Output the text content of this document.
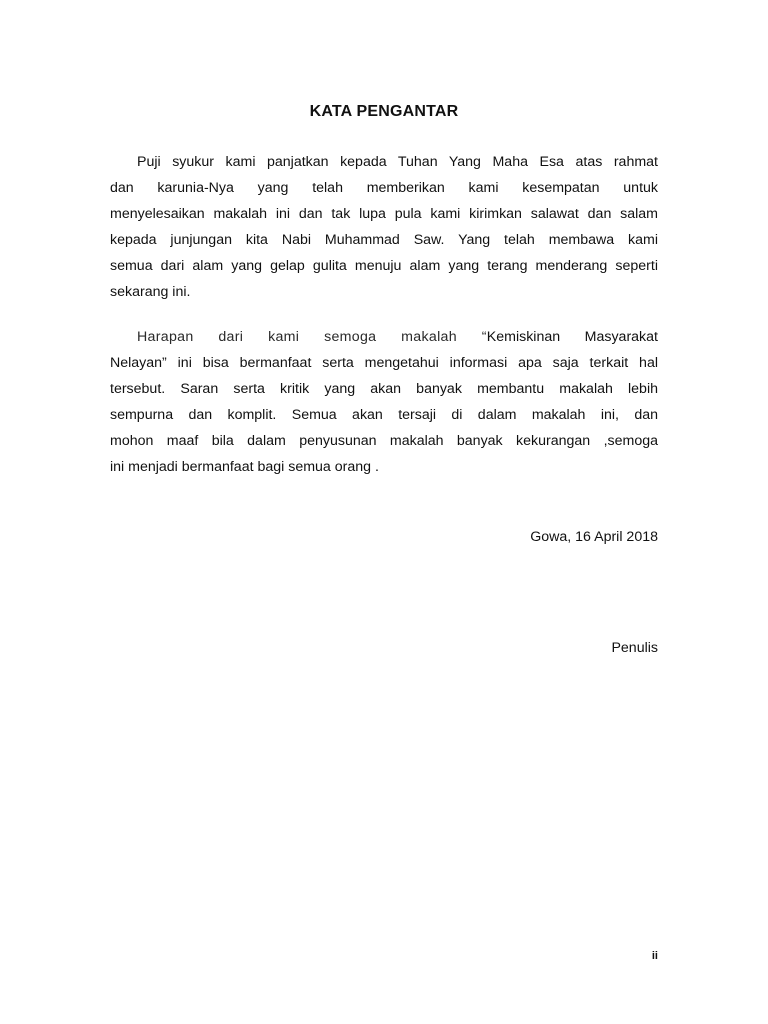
KATA PENGANTAR
Puji syukur kami panjatkan kepada Tuhan Yang Maha Esa atas rahmat
dan karunia-Nya yang telah memberikan kami kesempatan untuk
menyelesaikan makalah ini dan tak lupa pula kami kirimkan salawat dan salam
kepada junjungan kita Nabi Muhammad Saw. Yang telah membawa kami
semua dari alam yang gelap gulita menuju alam yang terang menderang seperti
sekarang ini.
Harapan dari kami semoga makalah “Kemiskinan Masyarakat
Nelayan” ini bisa bermanfaat serta mengetahui informasi apa saja terkait hal
tersebut. Saran serta kritik yang akan banyak membantu makalah lebih
sempurna dan komplit. Semua akan tersaji di dalam makalah ini, dan
mohon maaf bila dalam penyusunan makalah banyak kekurangan ,semoga
ini menjadi bermanfaat bagi semua orang .
Gowa, 16 April 2018
Penulis
ii
